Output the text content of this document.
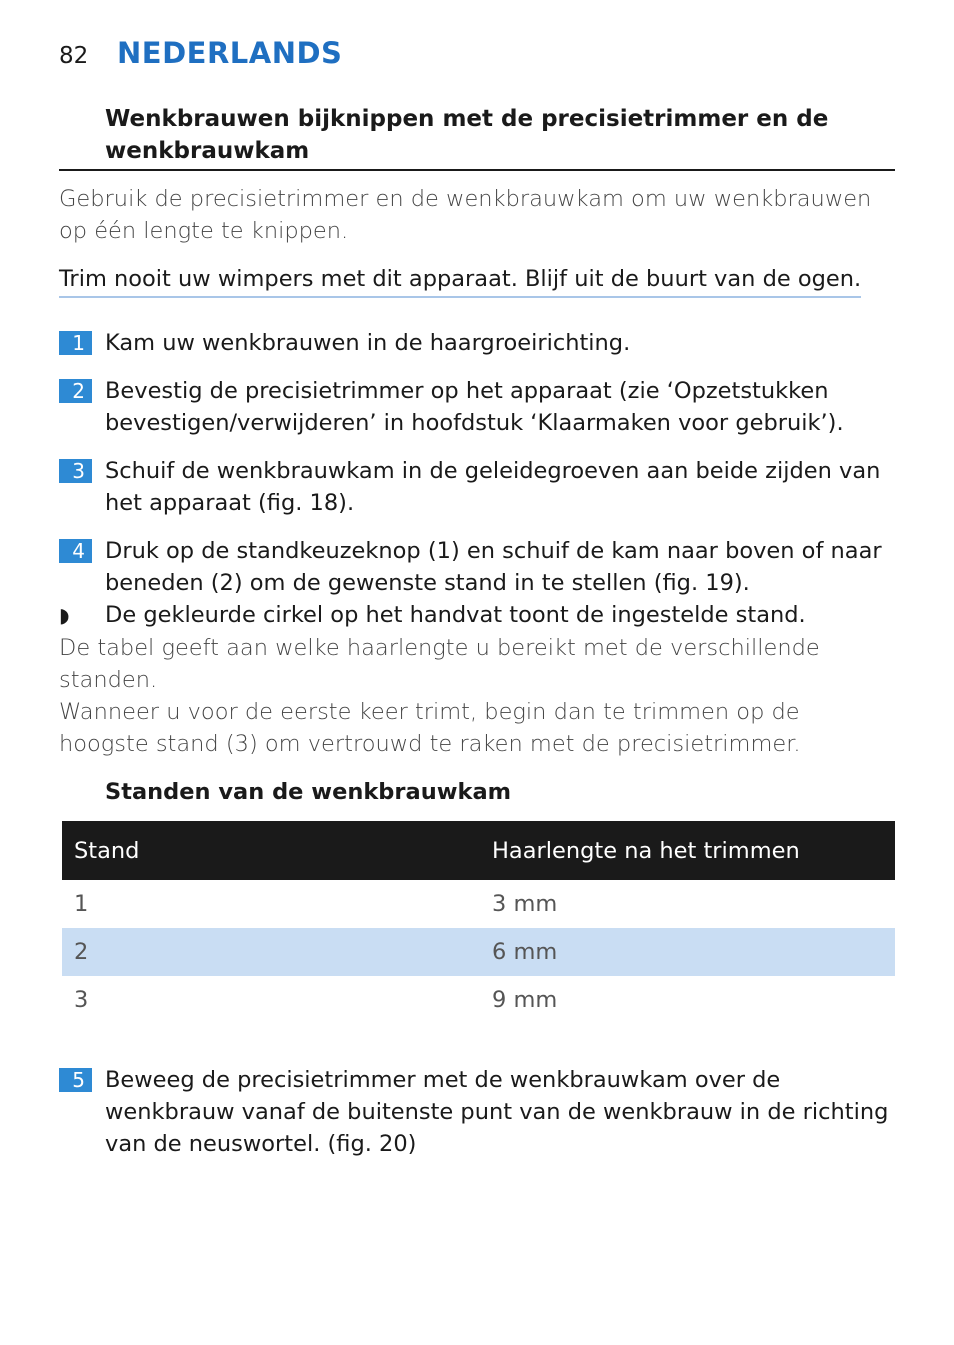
82 NEDERLANDS
Wenkbrauwen bijknippen met de precisietrimmer en de wenkbrauwkam

Gebruik de precisietrimmer en de wenkbrauwkam om uw wenkbrauwen op één lengte te knippen.

Trim nooit uw wimpers met dit apparaat. Blijf uit de buurt van de ogen.

1 Kam uw wenkbrauwen in de haargroeirichting.
2 Bevestig de precisietrimmer op het apparaat (zie ‘Opzetstukken bevestigen/verwijderen’ in hoofdstuk ‘Klaarmaken voor gebruik’).
3 Schuif de wenkbrauwkam in de geleidegroeven aan beide zijden van het apparaat (fig. 18).
4 Druk op de standkeuzeknop (1) en schuif de kam naar boven of naar beneden (2) om de gewenste stand in te stellen (fig. 19).
◗	De gekleurde cirkel op het handvat toont de ingestelde stand.

De tabel geeft aan welke haarlengte u bereikt met de verschillende standen.

Wanneer u voor de eerste keer trimt, begin dan te trimmen op de hoogste stand (3) om vertrouwd te raken met de precisietrimmer.

Standen van de wenkbrauwkam
Stand	Haarlengte na het trimmen
1	3 mm
2	6 mm
3	9 mm
5 Beweeg de precisietrimmer met de wenkbrauwkam over de wenkbrauw vanaf de buitenste punt van de wenkbrauw in de richting van de neuswortel. (fig. 20)
